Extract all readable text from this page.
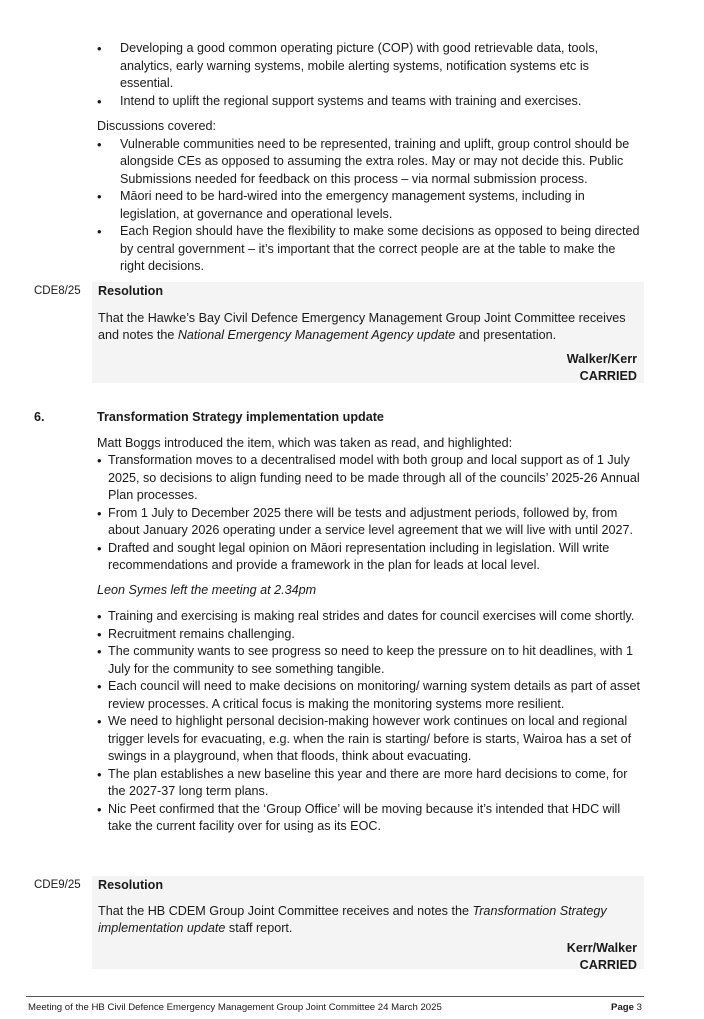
• Developing a good common operating picture (COP) with good retrievable data, tools, analytics, early warning systems, mobile alerting systems, notification systems etc is essential.
• Intend to uplift the regional support systems and teams with training and exercises.

Discussions covered:

• Vulnerable communities need to be represented, training and uplift, group control should be alongside CEs as opposed to assuming the extra roles. May or may not decide this. Public Submissions needed for feedback on this process – via normal submission process.
• Māori need to be hard-wired into the emergency management systems, including in legislation, at governance and operational levels.
• Each Region should have the flexibility to make some decisions as opposed to being directed by central government – it’s important that the correct people are at the table to make the right decisions.
CDE8/25 Resolution

That the Hawke’s Bay Civil Defence Emergency Management Group Joint Committee receives and notes the National Emergency Management Agency update and presentation.

Walker/Kerr

CARRIED

6.	Transformation Strategy implementation update

Matt Boggs introduced the item, which was taken as read, and highlighted:

• Transformation moves to a decentralised model with both group and local support as of 1 July 2025, so decisions to align funding need to be made through all of the councils’ 2025-26 Annual Plan processes.
• From 1 July to December 2025 there will be tests and adjustment periods, followed by, from about January 2026 operating under a service level agreement that we will live with until 2027.
• Drafted and sought legal opinion on Māori representation including in legislation. Will write recommendations and provide a framework in the plan for leads at local level.

Leon Symes left the meeting at 2.34pm

• Training and exercising is making real strides and dates for council exercises will come shortly.
• Recruitment remains challenging.
• The community wants to see progress so need to keep the pressure on to hit deadlines, with 1 July for the community to see something tangible.
• Each council will need to make decisions on monitoring/ warning system details as part of asset review processes. A critical focus is making the monitoring systems more resilient.
• We need to highlight personal decision-making however work continues on local and regional trigger levels for evacuating, e.g. when the rain is starting/ before is starts, Wairoa has a set of swings in a playground, when that floods, think about evacuating.
• The plan establishes a new baseline this year and there are more hard decisions to come, for the 2027-37 long term plans.
• Nic Peet confirmed that the ‘Group Office’ will be moving because it’s intended that HDC will take the current facility over for using as its EOC.
CDE9/25 Resolution

That the HB CDEM Group Joint Committee receives and notes the Transformation Strategy implementation update staff report.

Kerr/Walker

CARRIED

Meeting of the HB Civil Defence Emergency Management Group Joint Committee 24 March 2025	Page 3
